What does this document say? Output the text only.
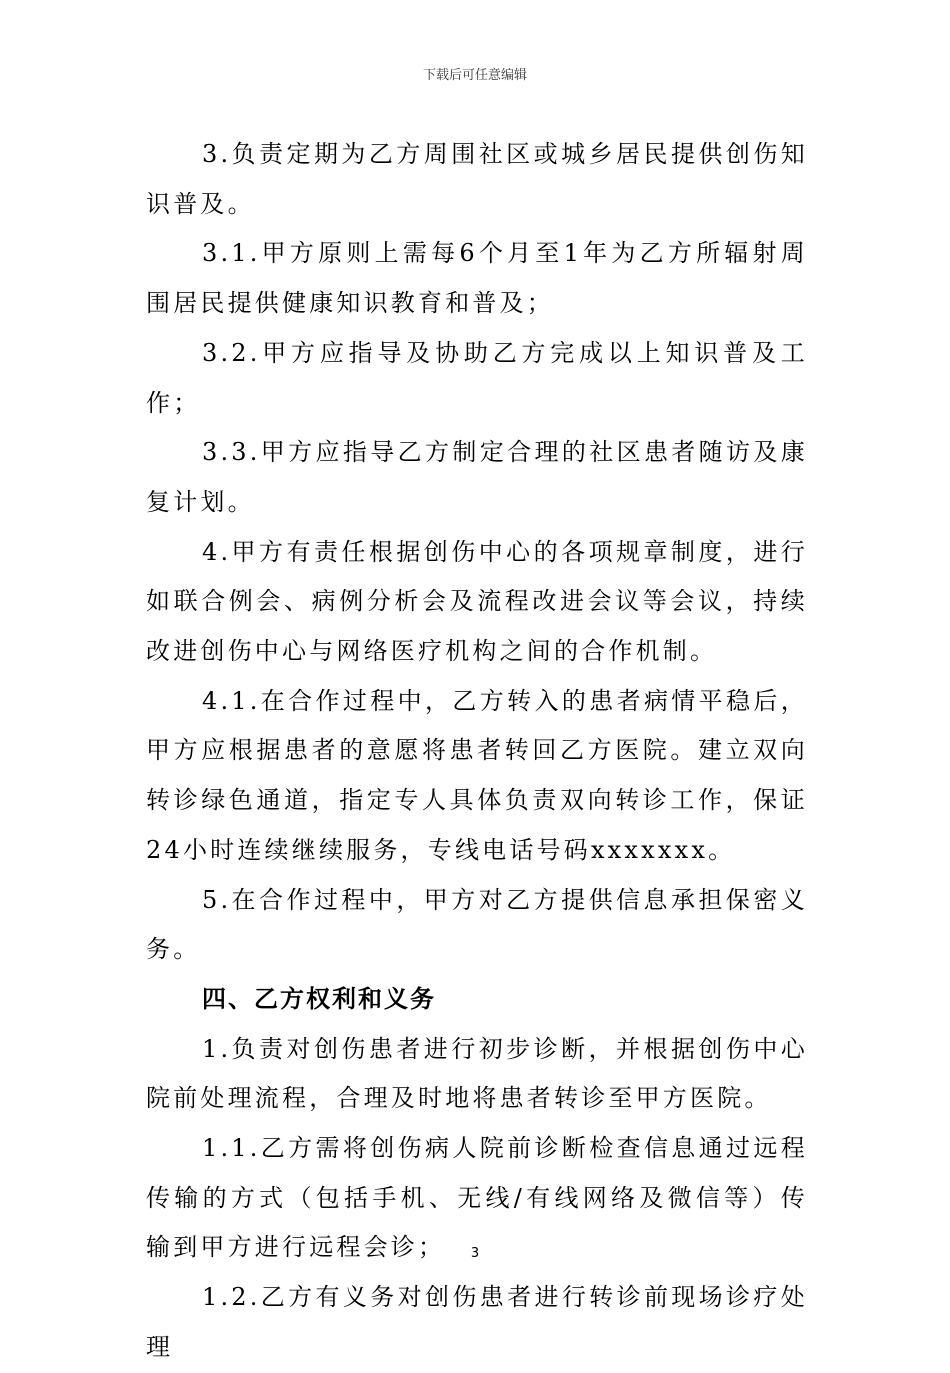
下载后可任意编辑

3.负责定期为乙方周围社区或城乡居民提供创伤知识普及。

3.1.甲方原则上需每6个月至1年为乙方所辐射周围居民提供健康知识教育和普及；

3.2.甲方应指导及协助乙方完成以上知识普及工作；

3.3.甲方应指导乙方制定合理的社区患者随访及康复计划。

4.甲方有责任根据创伤中心的各项规章制度，进行如联合例会、病例分析会及流程改进会议等会议，持续改进创伤中心与网络医疗机构之间的合作机制。

4.1.在合作过程中，乙方转入的患者病情平稳后，甲方应根据患者的意愿将患者转回乙方医院。建立双向转诊绿色通道，指定专人具体负责双向转诊工作，保证24小时连续继续服务，专线电话号码xxxxxxx。

5.在合作过程中，甲方对乙方提供信息承担保密义务。

四、乙方权利和义务

1.负责对创伤患者进行初步诊断，并根据创伤中心院前处理流程，合理及时地将患者转诊至甲方医院。

1.1.乙方需将创伤病人院前诊断检查信息通过远程传输的方式（包括手机、无线/有线网络及微信等）传输到甲方进行远程会诊；

1.2.乙方有义务对创伤患者进行转诊前现场诊疗处理

3
